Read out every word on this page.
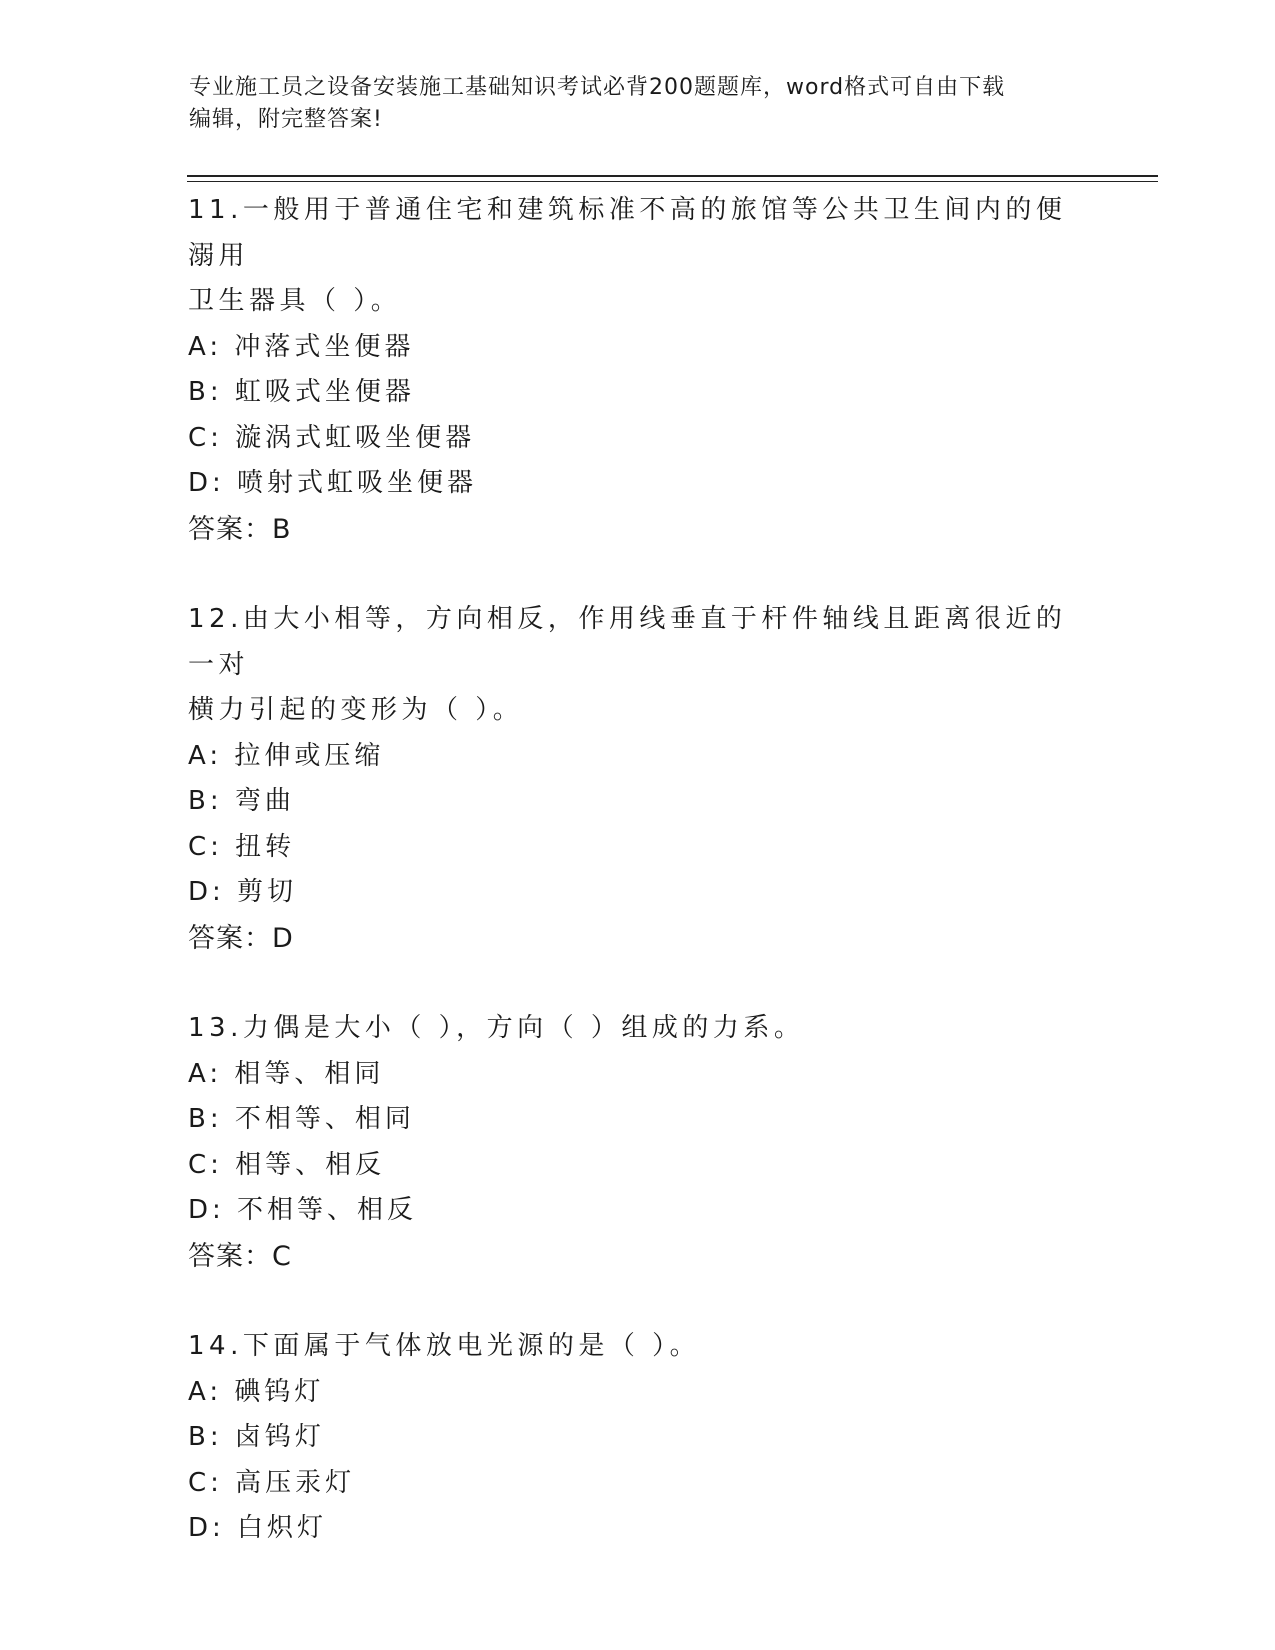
专业施工员之设备安装施工基础知识考试必背200题题库，word格式可自由下载
编辑，附完整答案!

11.一般用于普通住宅和建筑标准不高的旅馆等公共卫生间内的便溺用

卫生器具（ ）。

A: 冲落式坐便器

B: 虹吸式坐便器

C: 漩涡式虹吸坐便器

D: 喷射式虹吸坐便器

答案：B

12.由大小相等，方向相反，作用线垂直于杆件轴线且距离很近的一对

横力引起的变形为（ ）。

A: 拉伸或压缩

B: 弯曲

C: 扭转

D: 剪切

答案：D

13.力偶是大小（ ），方向（ ）组成的力系。

A: 相等、相同

B: 不相等、相同

C: 相等、相反

D: 不相等、相反

答案：C

14.下面属于气体放电光源的是（ ）。

A: 碘钨灯

B: 卤钨灯

C: 高压汞灯

D: 白炽灯
